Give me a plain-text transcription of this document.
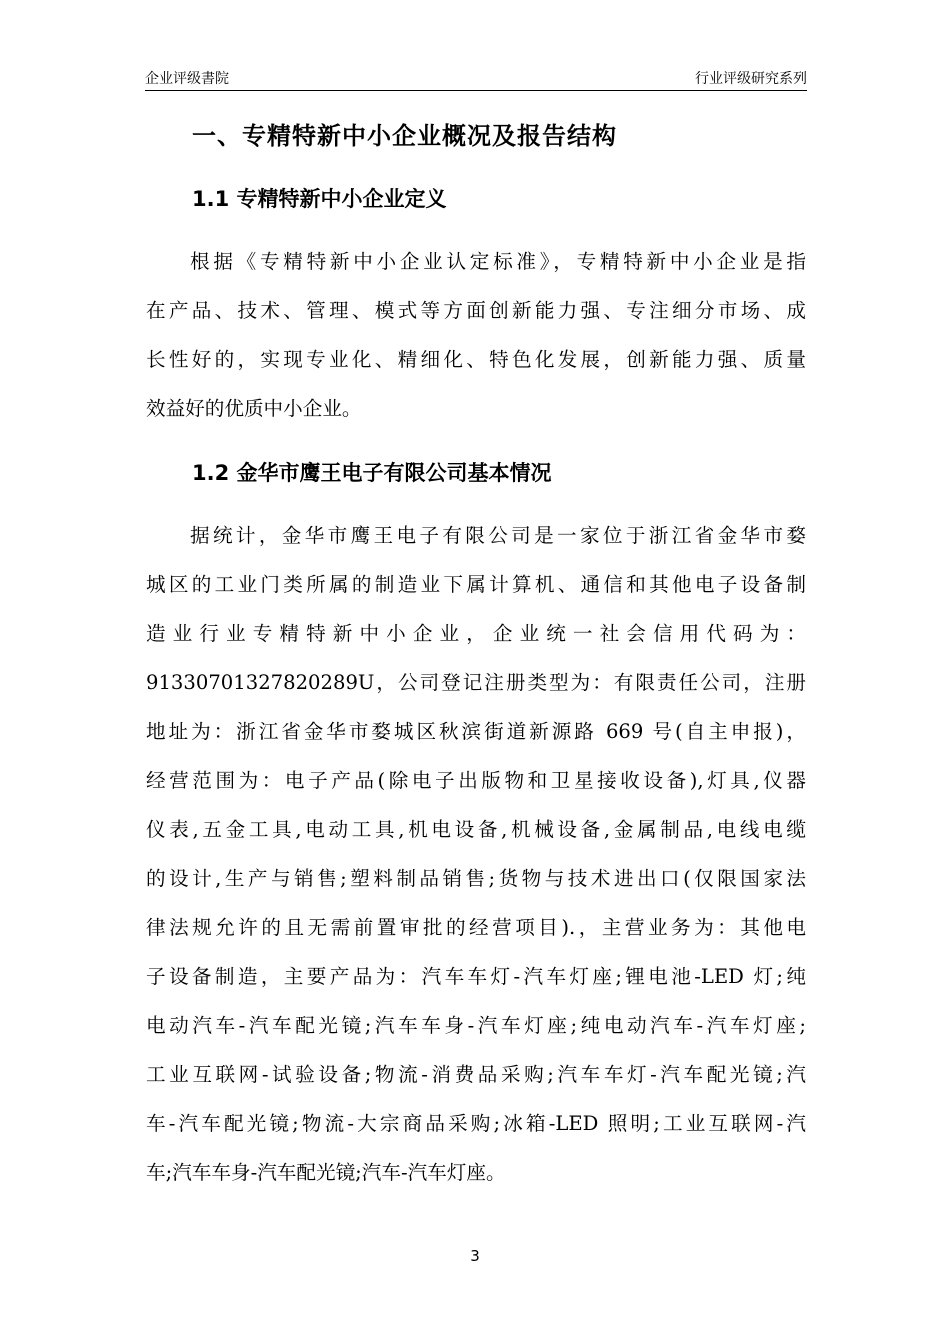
企业评级書院	行业评级研究系列
一、专精特新中小企业概况及报告结构
1.1 专精特新中小企业定义
根据《专精特新中小企业认定标准》，专精特新中小企业是指
在产品、技术、管理、模式等方面创新能力强、专注细分市场、成
长性好的，实现专业化、精细化、特色化发展，创新能力强、质量
效益好的优质中小企业。
1.2 金华市鹰王电子有限公司基本情况
据统计，金华市鹰王电子有限公司是一家位于浙江省金华市婺
城区的工业门类所属的制造业下属计算机、通信和其他电子设备制
造业行业专精特新中小企业，企业统一社会信用代码为：
91330701327820289U，公司登记注册类型为：有限责任公司，注册
地址为：浙江省金华市婺城区秋滨街道新源路 669 号(自主申报)，
经营范围为：电子产品(除电子出版物和卫星接收设备),灯具,仪器
仪表,五金工具,电动工具,机电设备,机械设备,金属制品,电线电缆
的设计,生产与销售;塑料制品销售;货物与技术进出口(仅限国家法
律法规允许的且无需前置审批的经营项目).，主营业务为：其他电
子设备制造，主要产品为：汽车车灯-汽车灯座;锂电池-LED 灯;纯
电动汽车-汽车配光镜;汽车车身-汽车灯座;纯电动汽车-汽车灯座;
工业互联网-试验设备;物流-消费品采购;汽车车灯-汽车配光镜;汽
车-汽车配光镜;物流-大宗商品采购;冰箱-LED 照明;工业互联网-汽
车;汽车车身-汽车配光镜;汽车-汽车灯座。
3
